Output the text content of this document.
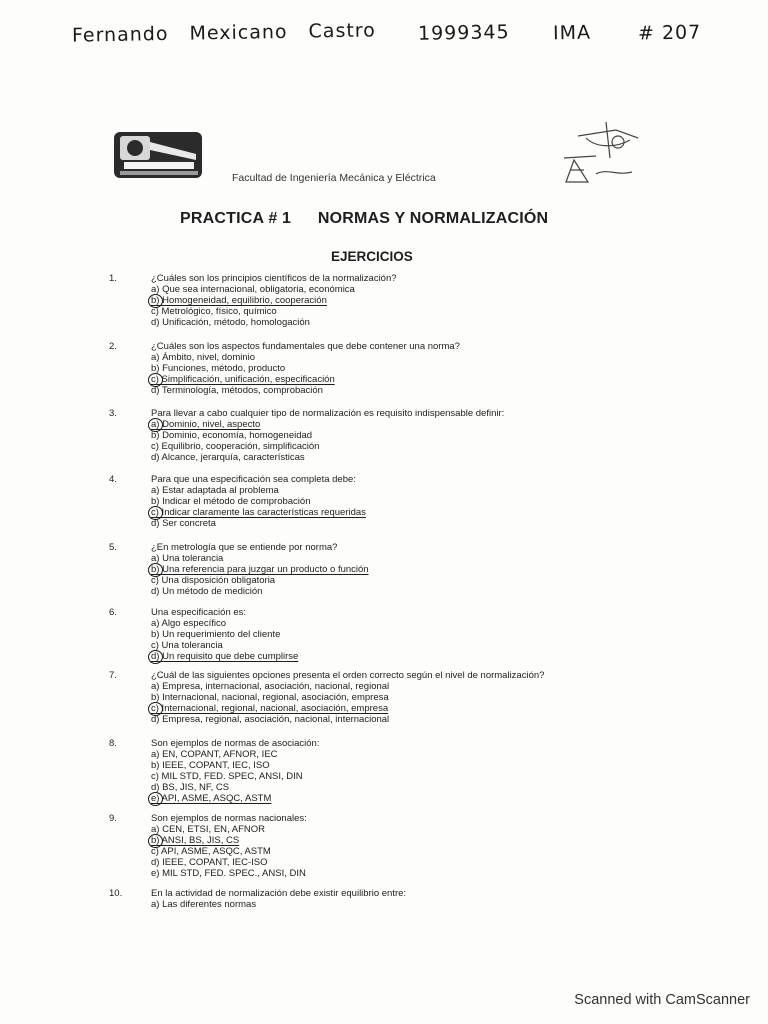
Fernando Mexicano Castro 1999345 IMA # 207
Facultad de Ingeniería Mecánica y Eléctrica
PRACTICA # 1 NORMAS Y NORMALIZACIÓN
EJERCICIOS
1.	¿Cuáles son los principios científicos de la normalización?
a) Que sea internacional, obligatoria, económica
b) Homogeneidad, equilibrio, cooperación
c) Metrológico, físico, químico
d) Unificación, método, homologación
2.	¿Cuáles son los aspectos fundamentales que debe contener una norma?
a) Ámbito, nivel, dominio
b) Funciones, método, producto
c) Simplificación, unificación, especificación
d) Terminología, métodos, comprobación
3.	Para llevar a cabo cualquier tipo de normalización es requisito indispensable definir:
a) Dominio, nivel, aspecto
b) Dominio, economía, homogeneidad
c) Equilibrio, cooperación, simplificación
d) Alcance, jerarquía, características
4.	Para que una especificación sea completa debe:
a) Estar adaptada al problema
b) Indicar el método de comprobación
c) Indicar claramente las características requeridas
d) Ser concreta
5.	¿En metrología que se entiende por norma?
a) Una tolerancia
b) Una referencia para juzgar un producto o función
c) Una disposición obligatoria
d) Un método de medición
6.	Una especificación es:
a) Algo específico
b) Un requerimiento del cliente
c) Una tolerancia
d) Un requisito que debe cumplirse
7.	¿Cuál de las siguientes opciones presenta el orden correcto según el nivel de normalización?
a) Empresa, internacional, asociación, nacional, regional
b) Internacional, nacional, regional, asociación, empresa
c) Internacional, regional, nacional, asociación, empresa
d) Empresa, regional, asociación, nacional, internacional
8.	Son ejemplos de normas de asociación:
a) EN, COPANT, AFNOR, IEC
b) IEEE, COPANT, IEC, ISO
c) MIL STD, FED. SPEC, ANSI, DIN
d) BS, JIS, NF, CS
e) API, ASME, ASQC, ASTM
9.	Son ejemplos de normas nacionales:
a) CEN, ETSI, EN, AFNOR
b) ANSI, BS, JIS, CS
c) API, ASME, ASQC, ASTM
d) IEEE, COPANT, IEC-ISO
e) MIL STD, FED. SPEC., ANSI, DIN
10.	En la actividad de normalización debe existir equilibrio entre:
a) Las diferentes normas
Scanned with CamScanner
